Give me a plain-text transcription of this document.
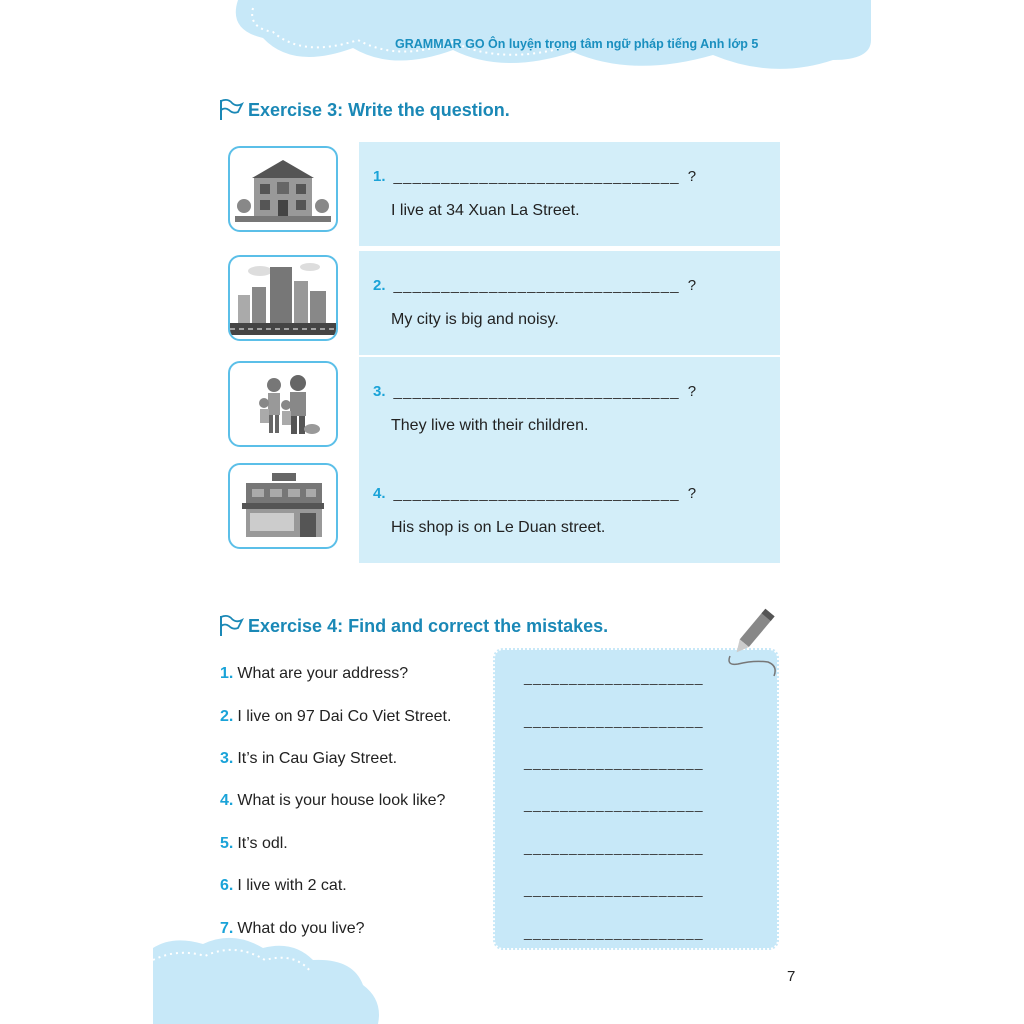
GRAMMAR GO Ôn luyện trọng tâm ngữ pháp tiếng Anh lớp 5
Exercise 3: Write the question.
1. ______________________________ ?
I live at 34 Xuan La Street.
2. ______________________________ ?
My city is big and noisy.
3. ______________________________ ?
They live with their children.
4. ______________________________ ?
His shop is on Le Duan street.
Exercise 4: Find and correct the mistakes.
1. What are your address?
2. I live on 97 Dai Co Viet Street.
3. It’s in Cau Giay Street.
4. What is your house look like?
5. It’s odl.
6. I live with 2 cat.
7. What do you live?
____________________
____________________
____________________
____________________
____________________
____________________
____________________
7
